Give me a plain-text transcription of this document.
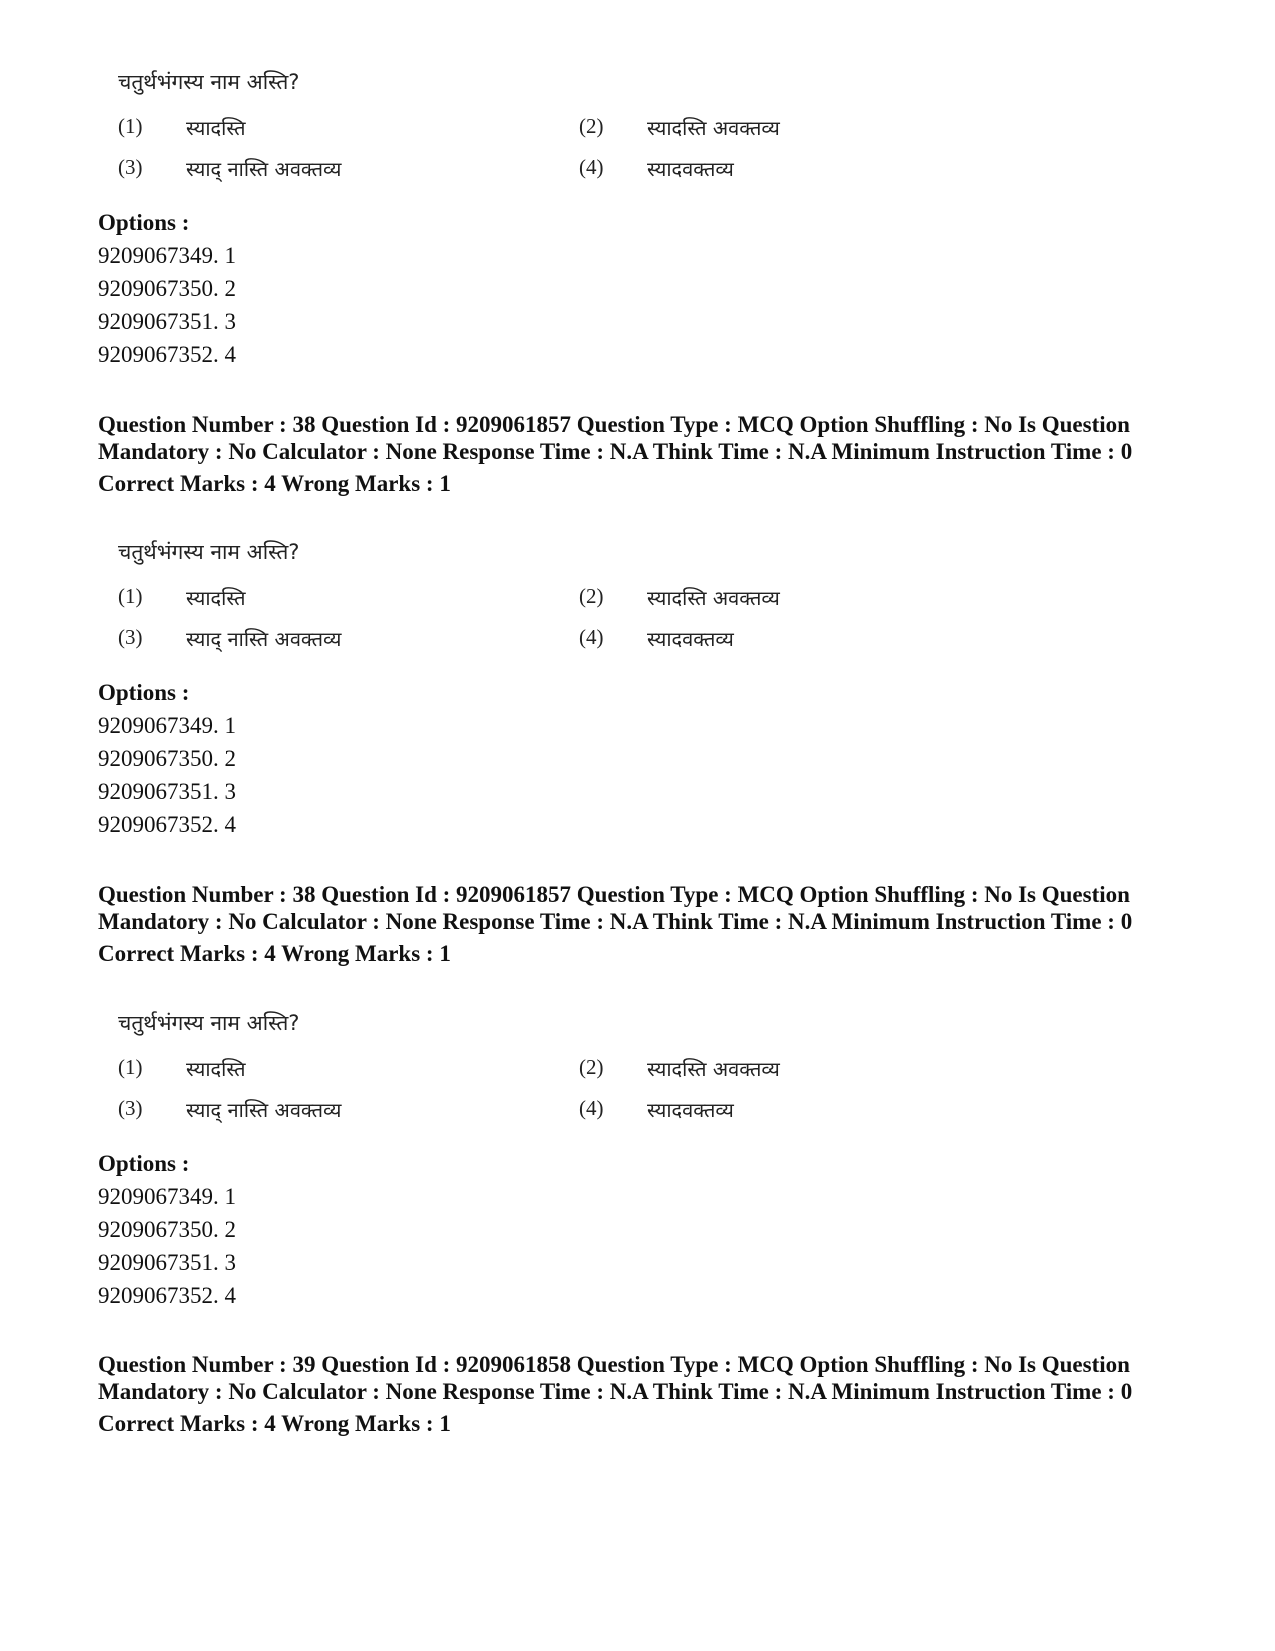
चतुर्थभंगस्य नाम अस्ति?
(1) स्यादस्ति	(2) स्यादस्ति अवक्तव्य
(3) स्याद् नास्ति अवक्तव्य	(4) स्यादवक्तव्य
Options :
9209067349. 1
9209067350. 2
9209067351. 3
9209067352. 4
Question Number : 38 Question Id : 9209061857 Question Type : MCQ Option Shuffling : No Is Question Mandatory : No Calculator : None Response Time : N.A Think Time : N.A Minimum Instruction Time : 0
Correct Marks : 4 Wrong Marks : 1
चतुर्थभंगस्य नाम अस्ति?
(1) स्यादस्ति	(2) स्यादस्ति अवक्तव्य
(3) स्याद् नास्ति अवक्तव्य	(4) स्यादवक्तव्य
Options :
9209067349. 1
9209067350. 2
9209067351. 3
9209067352. 4
Question Number : 38 Question Id : 9209061857 Question Type : MCQ Option Shuffling : No Is Question Mandatory : No Calculator : None Response Time : N.A Think Time : N.A Minimum Instruction Time : 0
Correct Marks : 4 Wrong Marks : 1
चतुर्थभंगस्य नाम अस्ति?
(1) स्यादस्ति	(2) स्यादस्ति अवक्तव्य
(3) स्याद् नास्ति अवक्तव्य	(4) स्यादवक्तव्य
Options :
9209067349. 1
9209067350. 2
9209067351. 3
9209067352. 4
Question Number : 39 Question Id : 9209061858 Question Type : MCQ Option Shuffling : No Is Question Mandatory : No Calculator : None Response Time : N.A Think Time : N.A Minimum Instruction Time : 0
Correct Marks : 4 Wrong Marks : 1
